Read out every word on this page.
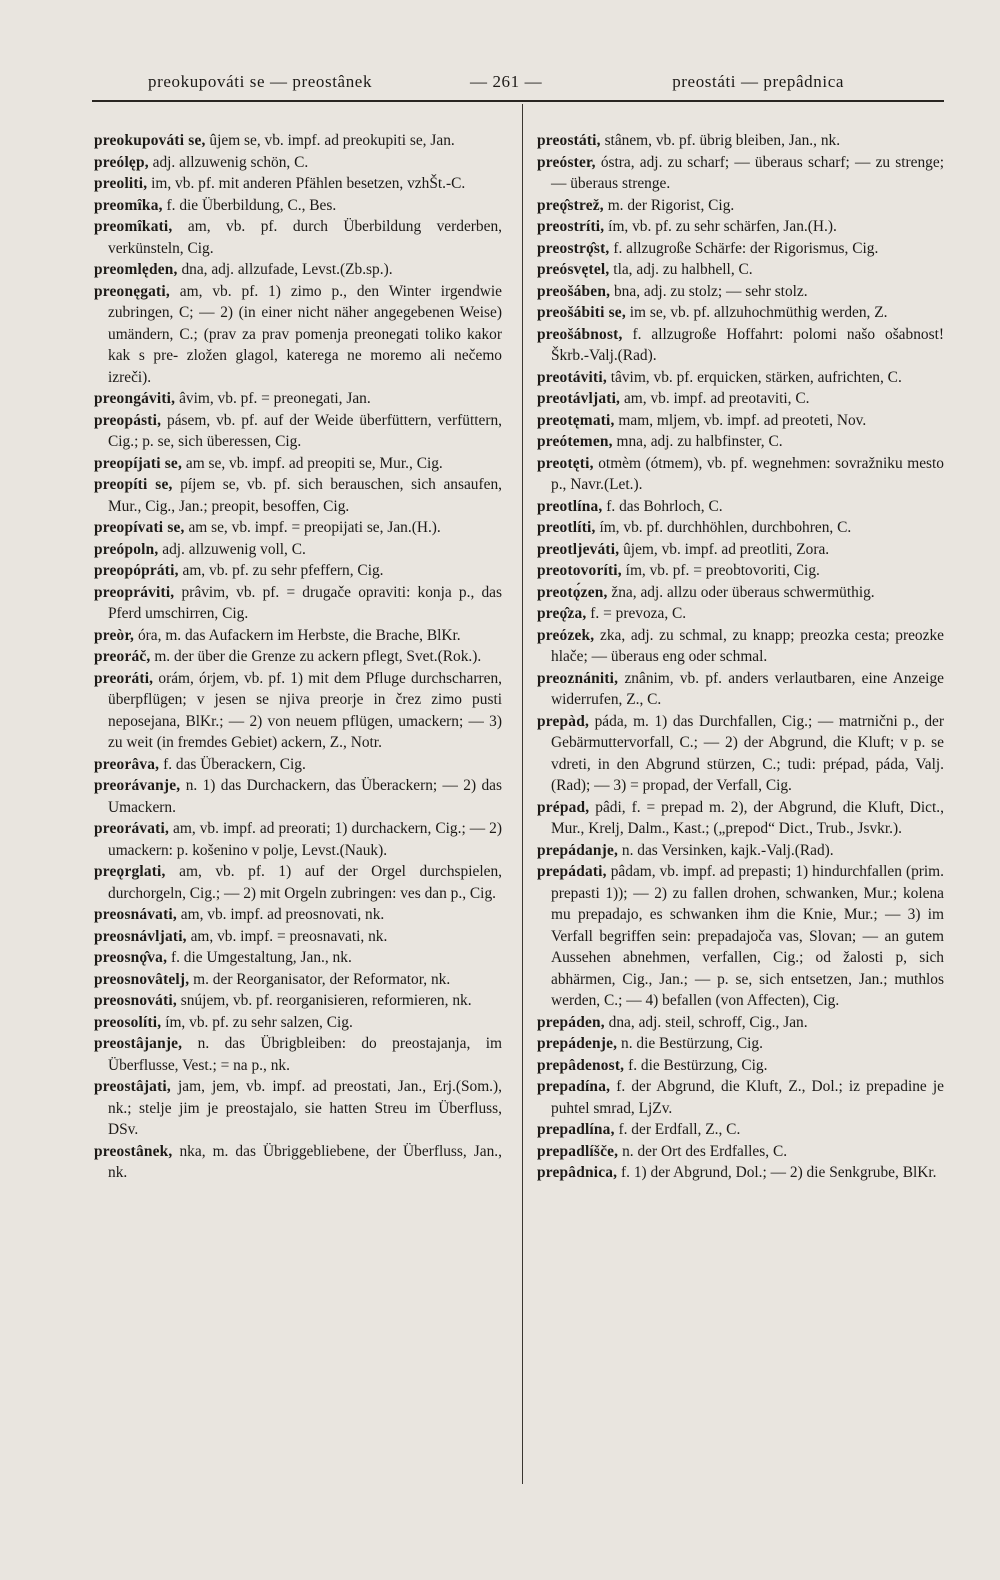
preokupováti se — preostânek	— 261 —	preostáti — prepâdnica

preokupováti se, ûjem se, vb. impf. ad preokupiti se, Jan.

preólęp, adj. allzuwenig schön, C.

preoliti, im, vb. pf. mit anderen Pfählen besetzen, vzhŠt.-C.

preomîka, f. die Überbildung, C., Bes.

preomîkati, am, vb. pf. durch Überbildung verderben, verkünsteln, Cig.

preomlęden, dna, adj. allzufade, Levst.(Zb.sp.).

preonęgati, am, vb. pf. 1) zimo p., den Winter irgendwie zubringen, C; — 2) (in einer nicht näher angegebenen Weise) umändern, C.; (prav za prav pomenja preonegati toliko kakor kak s pre- zložen glagol, katerega ne moremo ali nečemo izreči).

preongáviti, âvim, vb. pf. = preonegati, Jan.

preopásti, pásem, vb. pf. auf der Weide überfüttern, verfüttern, Cig.; p. se, sich überessen, Cig.

preopíjati se, am se, vb. impf. ad preopiti se, Mur., Cig.

preopíti se, píjem se, vb. pf. sich berauschen, sich ansaufen, Mur., Cig., Jan.; preopit, besoffen, Cig.

preopívati se, am se, vb. impf. = preopijati se, Jan.(H.).

preópoln, adj. allzuwenig voll, C.

preopópráti, am, vb. pf. zu sehr pfeffern, Cig.

preopráviti, prâvim, vb. pf. = drugače opraviti: konja p., das Pferd umschirren, Cig.

preòr, óra, m. das Aufackern im Herbste, die Brache, BlKr.

preoráč, m. der über die Grenze zu ackern pflegt, Svet.(Rok.).

preoráti, orám, órjem, vb. pf. 1) mit dem Pfluge durchscharren, überpflügen; v jesen se njiva preorje in črez zimo pusti neposejana, BlKr.; — 2) von neuem pflügen, umackern; — 3) zu weit (in fremdes Gebiet) ackern, Z., Notr.

preorâva, f. das Überackern, Cig.

preorávanje, n. 1) das Durchackern, das Überackern; — 2) das Umackern.

preorávati, am, vb. impf. ad preorati; 1) durchackern, Cig.; — 2) umackern: p. košenino v polje, Levst.(Nauk).

preǫrglati, am, vb. pf. 1) auf der Orgel durchspielen, durchorgeln, Cig.; — 2) mit Orgeln zubringen: ves dan p., Cig.

preosnávati, am, vb. impf. ad preosnovati, nk.

preosnávljati, am, vb. impf. = preosnavati, nk.

preosnǫ̂va, f. die Umgestaltung, Jan., nk.

preosnovâtelj, m. der Reorganisator, der Reformator, nk.

preosnováti, snújem, vb. pf. reorganisieren, reformieren, nk.

preosolíti, ím, vb. pf. zu sehr salzen, Cig.

preostâjanje, n. das Übrigbleiben: do preostajanja, im Überflusse, Vest.; = na p., nk.

preostâjati, jam, jem, vb. impf. ad preostati, Jan., Erj.(Som.), nk.; stelje jim je preostajalo, sie hatten Streu im Überfluss, DSv.

preostânek, nka, m. das Übriggebliebene, der Überfluss, Jan., nk.

preostáti, stânem, vb. pf. übrig bleiben, Jan., nk.

preóster, óstra, adj. zu scharf; — überaus scharf; — zu strenge; — überaus strenge.

preǫ̂strež, m. der Rigorist, Cig.

preostríti, ím, vb. pf. zu sehr schärfen, Jan.(H.).

preostrǫ̂st, f. allzugroße Schärfe: der Rigorismus, Cig.

preósvętel, tla, adj. zu halbhell, C.

preošáben, bna, adj. zu stolz; — sehr stolz.

preošábiti se, im se, vb. pf. allzuhochmüthig werden, Z.

preošábnost, f. allzugroße Hoffahrt: polomi našo ošabnost! Škrb.-Valj.(Rad).

preotáviti, tâvim, vb. pf. erquicken, stärken, aufrichten, C.

preotávljati, am, vb. impf. ad preotaviti, C.

preotęmati, mam, mljem, vb. impf. ad preoteti, Nov.

preótemen, mna, adj. zu halbfinster, C.

preotęti, otmèm (ótmem), vb. pf. wegnehmen: sovražniku mesto p., Navr.(Let.).

preotlína, f. das Bohrloch, C.

preotlíti, ím, vb. pf. durchhöhlen, durchbohren, C.

preotljeváti, ûjem, vb. impf. ad preotliti, Zora.

preotovoríti, ím, vb. pf. = preobtovoriti, Cig.

preotǫ́zen, žna, adj. allzu oder überaus schwermüthig.

preǫ̂za, f. = prevoza, C.

preózek, zka, adj. zu schmal, zu knapp; preozka cesta; preozke hlače; — überaus eng oder schmal.

preoznániti, znânim, vb. pf. anders verlautbaren, eine Anzeige widerrufen, Z., C.

prepàd, páda, m. 1) das Durchfallen, Cig.; — matrnični p., der Gebärmuttervorfall, C.; — 2) der Abgrund, die Kluft; v p. se vdreti, in den Abgrund stürzen, C.; tudi: prépad, páda, Valj.(Rad); — 3) = propad, der Verfall, Cig.

prépad, pâdi, f. = prepad m. 2), der Abgrund, die Kluft, Dict., Mur., Krelj, Dalm., Kast.; („prepod“ Dict., Trub., Jsvkr.).

prepádanje, n. das Versinken, kajk.-Valj.(Rad).

prepádati, pâdam, vb. impf. ad prepasti; 1) hindurchfallen (prim. prepasti 1)); — 2) zu fallen drohen, schwanken, Mur.; kolena mu prepadajo, es schwanken ihm die Knie, Mur.; — 3) im Verfall begriffen sein: prepadajoča vas, Slovan; — an gutem Aussehen abnehmen, verfallen, Cig.; od žalosti p, sich abhärmen, Cig., Jan.; — p. se, sich entsetzen, Jan.; muthlos werden, C.; — 4) befallen (von Affecten), Cig.

prepáden, dna, adj. steil, schroff, Cig., Jan.

prepádenje, n. die Bestürzung, Cig.

prepâdenost, f. die Bestürzung, Cig.

prepadína, f. der Abgrund, die Kluft, Z., Dol.; iz prepadine je puhtel smrad, LjZv.

prepadlína, f. der Erdfall, Z., C.

prepadlíšče, n. der Ort des Erdfalles, C.

prepâdnica, f. 1) der Abgrund, Dol.; — 2) die Senkgrube, BlKr.
